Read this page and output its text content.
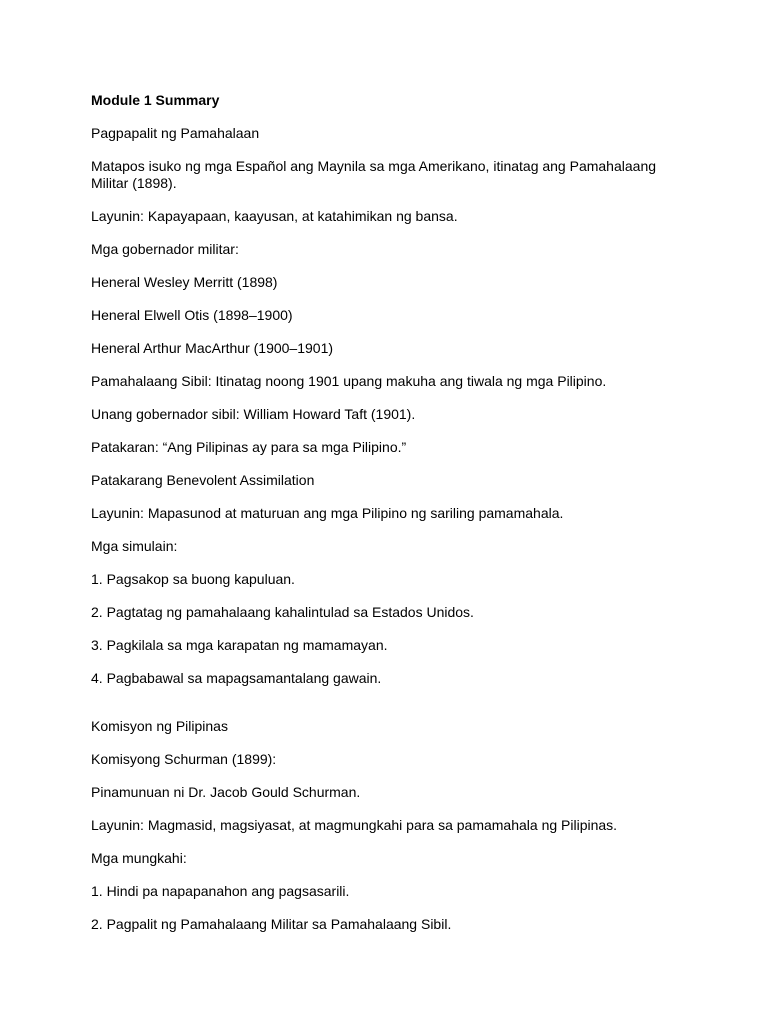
Module 1 Summary

Pagpapalit ng Pamahalaan

Matapos isuko ng mga Español ang Maynila sa mga Amerikano, itinatag ang Pamahalaang Militar (1898).

Layunin: Kapayapaan, kaayusan, at katahimikan ng bansa.

Mga gobernador militar:

Heneral Wesley Merritt (1898)

Heneral Elwell Otis (1898–1900)

Heneral Arthur MacArthur (1900–1901)

Pamahalaang Sibil: Itinatag noong 1901 upang makuha ang tiwala ng mga Pilipino.

Unang gobernador sibil: William Howard Taft (1901).

Patakaran: “Ang Pilipinas ay para sa mga Pilipino.”

Patakarang Benevolent Assimilation

Layunin: Mapasunod at maturuan ang mga Pilipino ng sariling pamamahala.

Mga simulain:

1. Pagsakop sa buong kapuluan.

2. Pagtatag ng pamahalaang kahalintulad sa Estados Unidos.

3. Pagkilala sa mga karapatan ng mamamayan.

4. Pagbabawal sa mapagsamantalang gawain.

Komisyon ng Pilipinas

Komisyong Schurman (1899):

Pinamunuan ni Dr. Jacob Gould Schurman.

Layunin: Magmasid, magsiyasat, at magmungkahi para sa pamamahala ng Pilipinas.

Mga mungkahi:

1. Hindi pa napapanahon ang pagsasarili.

2. Pagpalit ng Pamahalaang Militar sa Pamahalaang Sibil.
